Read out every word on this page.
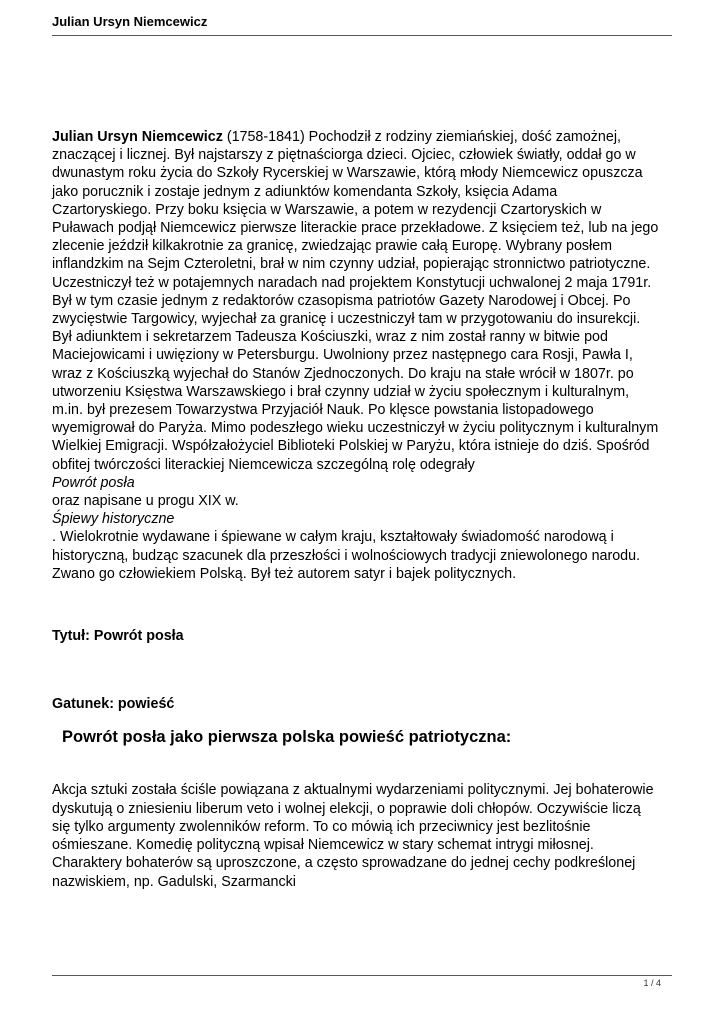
Julian Ursyn Niemcewicz

Julian Ursyn Niemcewicz (1758-1841) Pochodził z rodziny ziemiańskiej, dość zamożnej,

znaczącej i licznej. Był najstarszy z piętnaściorga dzieci. Ojciec, człowiek światły, oddał go w

dwunastym roku życia do Szkoły Rycerskiej w Warszawie, którą młody Niemcewicz opuszcza

jako porucznik i zostaje jednym z adiunktów komendanta Szkoły, księcia Adama

Czartoryskiego. Przy boku księcia w Warszawie, a potem w rezydencji Czartoryskich w

Puławach podjął Niemcewicz pierwsze literackie prace przekładowe. Z księciem też, lub na jego

zlecenie jeździł kilkakrotnie za granicę, zwiedzając prawie całą Europę. Wybrany posłem

inflandzkim na Sejm Czteroletni, brał w nim czynny udział, popierając stronnictwo patriotyczne.

Uczestniczył też w potajemnych naradach nad projektem Konstytucji uchwalonej 2 maja 1791r.

Był w tym czasie jednym z redaktorów czasopisma patriotów Gazety Narodowej i Obcej. Po

zwycięstwie Targowicy, wyjechał za granicę i uczestniczył tam w przygotowaniu do insurekcji.

Był adiunktem i sekretarzem Tadeusza Kościuszki, wraz z nim został ranny w bitwie pod

Maciejowicami i uwięziony w Petersburgu. Uwolniony przez następnego cara Rosji, Pawła I,

wraz z Kościuszką wyjechał do Stanów Zjednoczonych. Do kraju na stałe wrócił w 1807r. po

utworzeniu Księstwa Warszawskiego i brał czynny udział w życiu społecznym i kulturalnym,

m.in. był prezesem Towarzystwa Przyjaciół Nauk. Po klęsce powstania listopadowego

wyemigrował do Paryża. Mimo podeszłego wieku uczestniczył w życiu politycznym i kulturalnym

Wielkiej Emigracji. Współzałożyciel Biblioteki Polskiej w Paryżu, która istnieje do dziś. Spośród

obfitej twórczości literackiej Niemcewicza szczególną rolę odegrały

Powrót posła

oraz napisane u progu XIX w.

Śpiewy historyczne

. Wielokrotnie wydawane i śpiewane w całym kraju, kształtowały świadomość narodową i

historyczną, budząc szacunek dla przeszłości i wolnościowych tradycji zniewolonego narodu.

Zwano go człowiekiem Polską. Był też autorem satyr i bajek politycznych.

Tytuł: Powrót posła

Gatunek: powieść

Powrót posła jako pierwsza polska powieść patriotyczna:

Akcja sztuki została ściśle powiązana z aktualnymi wydarzeniami politycznymi. Jej bohaterowie

dyskutują o zniesieniu liberum veto i wolnej elekcji, o poprawie doli chłopów. Oczywiście liczą

się tylko argumenty zwolenników reform. To co mówią ich przeciwnicy jest bezlitośnie

ośmieszane. Komedię polityczną wpisał Niemcewicz w stary schemat intrygi miłosnej.

Charaktery bohaterów są uproszczone, a często sprowadzane do jednej cechy podkreślonej

nazwiskiem, np. Gadulski, Szarmancki

1 / 4
